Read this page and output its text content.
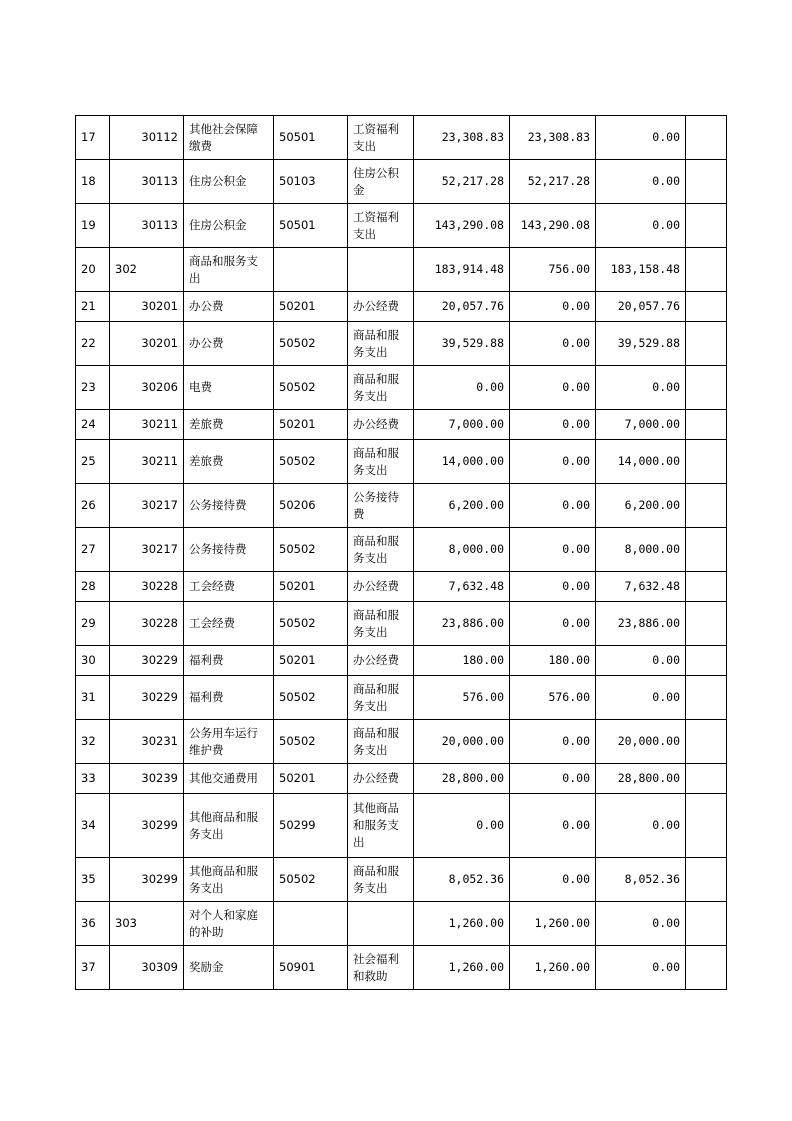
17	30112	其他社会保障缴费	50501	工资福利支出	23,308.83	23,308.83	0.00	
18	30113	住房公积金	50103	住房公积金	52,217.28	52,217.28	0.00	
19	30113	住房公积金	50501	工资福利支出	143,290.08	143,290.08	0.00	
20	302	商品和服务支出			183,914.48	756.00	183,158.48	
21	30201	办公费	50201	办公经费	20,057.76	0.00	20,057.76	
22	30201	办公费	50502	商品和服务支出	39,529.88	0.00	39,529.88	
23	30206	电费	50502	商品和服务支出	0.00	0.00	0.00	
24	30211	差旅费	50201	办公经费	7,000.00	0.00	7,000.00	
25	30211	差旅费	50502	商品和服务支出	14,000.00	0.00	14,000.00	
26	30217	公务接待费	50206	公务接待费	6,200.00	0.00	6,200.00	
27	30217	公务接待费	50502	商品和服务支出	8,000.00	0.00	8,000.00	
28	30228	工会经费	50201	办公经费	7,632.48	0.00	7,632.48	
29	30228	工会经费	50502	商品和服务支出	23,886.00	0.00	23,886.00	
30	30229	福利费	50201	办公经费	180.00	180.00	0.00	
31	30229	福利费	50502	商品和服务支出	576.00	576.00	0.00	
32	30231	公务用车运行维护费	50502	商品和服务支出	20,000.00	0.00	20,000.00	
33	30239	其他交通费用	50201	办公经费	28,800.00	0.00	28,800.00	
34	30299	其他商品和服务支出	50299	其他商品和服务支出	0.00	0.00	0.00	
35	30299	其他商品和服务支出	50502	商品和服务支出	8,052.36	0.00	8,052.36	
36	303	对个人和家庭的补助			1,260.00	1,260.00	0.00	
37	30309	奖励金	50901	社会福利和救助	1,260.00	1,260.00	0.00	
